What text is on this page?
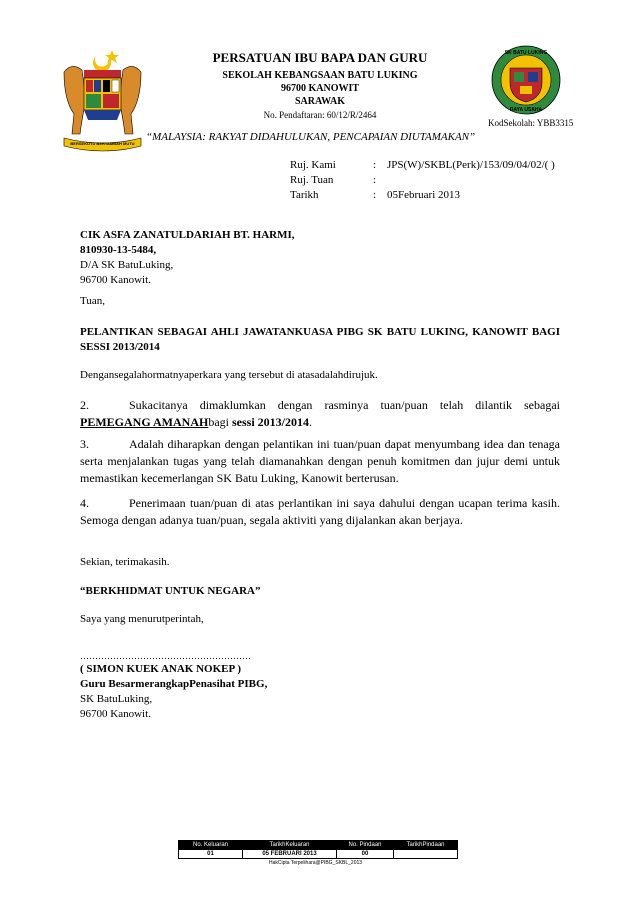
BERSEKUTU BERTAMBAH MUTU
SK BATU LUKING
DAYA USAHA
PERSATUAN IBU BAPA DAN GURU
SEKOLAH KEBANGSAAN BATU LUKING
96700 KANOWIT
SARAWAK
No. Pendaftaran: 60/12/R/2464
KodSekolah: YBB3315
“MALAYSIA: RAKYAT DIDAHULUKAN, PENCAPAIAN DIUTAMAKAN”
Ruj. Kami	: JPS(W)/SKBL(Perk)/153/09/04/02/( )
Ruj. Tuan	:
Tarikh	: 05Februari 2013
CIK ASFA ZANATULDARIAH BT. HARMI,
810930-13-5484,
D/A SK BatuLuking,
96700 Kanowit.
Tuan,
PELANTIKAN SEBAGAI AHLI JAWATANKUASA PIBG SK BATU LUKING, KANOWIT BAGI SESSI 2013/2014
Dengansegalahormatnyaperkara yang tersebut di atasadalahdirujuk.
2.	Sukacitanya dimaklumkan dengan rasminya tuan/puan telah dilantik sebagai PEMEGANG AMANAHbagi sessi 2013/2014.
3.	Adalah diharapkan dengan pelantikan ini tuan/puan dapat menyumbang idea dan tenaga serta menjalankan tugas yang telah diamanahkan dengan penuh komitmen dan jujur demi untuk memastikan kecemerlangan SK Batu Luking, Kanowit berterusan.
4.	Penerimaan tuan/puan di atas perlantikan ini saya dahului dengan ucapan terima kasih. Semoga dengan adanya tuan/puan, segala aktiviti yang dijalankan akan berjaya.
Sekian, terimakasih.
“BERKHIDMAT UNTUK NEGARA”
Saya yang menurutperintah,
…………………………………………………
( SIMON KUEK ANAK NOKEP )
Guru BesarmerangkapPenasihat PIBG,
SK BatuLuking,
96700 Kanowit.
No. Keluaran	TarikhKeluaran	No. Pindaan	TarikhPindaan
01	05 FEBRUARI 2013	00	
HakCipta Terpelihara@PIBG_SKBL_2013
